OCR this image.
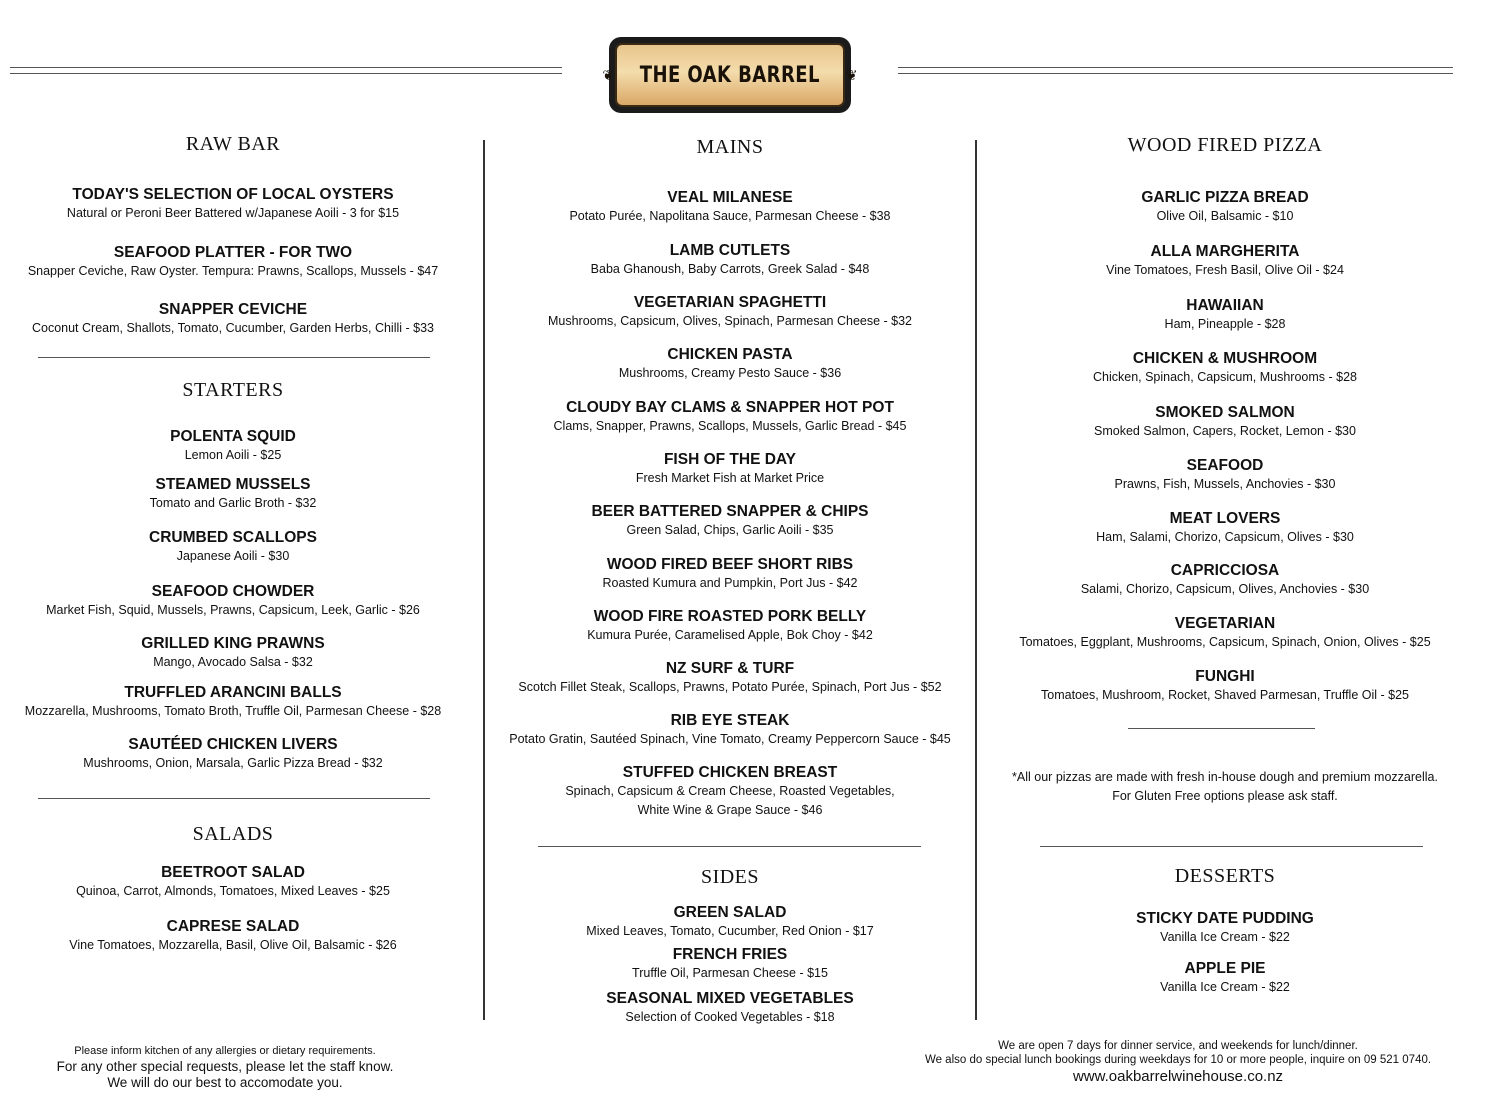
❦ THE OAK BARREL ❦
RAW BAR
TODAY'S SELECTION OF LOCAL OYSTERS
Natural or Peroni Beer Battered w/Japanese Aoili - 3 for $15
SEAFOOD PLATTER - FOR TWO
Snapper Ceviche, Raw Oyster. Tempura: Prawns, Scallops, Mussels - $47
SNAPPER CEVICHE
Coconut Cream, Shallots, Tomato, Cucumber, Garden Herbs, Chilli - $33
STARTERS
POLENTA SQUID
Lemon Aoili - $25
STEAMED MUSSELS
Tomato and Garlic Broth - $32
CRUMBED SCALLOPS
Japanese Aoili - $30
SEAFOOD CHOWDER
Market Fish, Squid, Mussels, Prawns, Capsicum, Leek, Garlic - $26
GRILLED KING PRAWNS
Mango, Avocado Salsa - $32
TRUFFLED ARANCINI BALLS
Mozzarella, Mushrooms, Tomato Broth, Truffle Oil, Parmesan Cheese - $28
SAUTÉED CHICKEN LIVERS
Mushrooms, Onion, Marsala, Garlic Pizza Bread - $32
SALADS
BEETROOT SALAD
Quinoa, Carrot, Almonds, Tomatoes, Mixed Leaves - $25
CAPRESE SALAD
Vine Tomatoes, Mozzarella, Basil, Olive Oil, Balsamic - $26
MAINS
VEAL MILANESE
Potato Purée, Napolitana Sauce, Parmesan Cheese - $38
LAMB CUTLETS
Baba Ghanoush, Baby Carrots, Greek Salad - $48
VEGETARIAN SPAGHETTI
Mushrooms, Capsicum, Olives, Spinach, Parmesan Cheese - $32
CHICKEN PASTA
Mushrooms, Creamy Pesto Sauce - $36
CLOUDY BAY CLAMS & SNAPPER HOT POT
Clams, Snapper, Prawns, Scallops, Mussels, Garlic Bread - $45
FISH OF THE DAY
Fresh Market Fish at Market Price
BEER BATTERED SNAPPER & CHIPS
Green Salad, Chips, Garlic Aoili - $35
WOOD FIRED BEEF SHORT RIBS
Roasted Kumura and Pumpkin, Port Jus - $42
WOOD FIRE ROASTED PORK BELLY
Kumura Purée, Caramelised Apple, Bok Choy - $42
NZ SURF & TURF
Scotch Fillet Steak, Scallops, Prawns, Potato Purée, Spinach, Port Jus - $52
RIB EYE STEAK
Potato Gratin, Sautéed Spinach, Vine Tomato, Creamy Peppercorn Sauce - $45
STUFFED CHICKEN BREAST
Spinach, Capsicum & Cream Cheese, Roasted Vegetables,
White Wine & Grape Sauce - $46
SIDES
GREEN SALAD
Mixed Leaves, Tomato, Cucumber, Red Onion - $17
FRENCH FRIES
Truffle Oil, Parmesan Cheese - $15
SEASONAL MIXED VEGETABLES
Selection of Cooked Vegetables - $18
WOOD FIRED PIZZA
GARLIC PIZZA BREAD
Olive Oil, Balsamic - $10
ALLA MARGHERITA
Vine Tomatoes, Fresh Basil, Olive Oil - $24
HAWAIIAN
Ham, Pineapple - $28
CHICKEN & MUSHROOM
Chicken, Spinach, Capsicum, Mushrooms - $28
SMOKED SALMON
Smoked Salmon, Capers, Rocket, Lemon - $30
SEAFOOD
Prawns, Fish, Mussels, Anchovies - $30
MEAT LOVERS
Ham, Salami, Chorizo, Capsicum, Olives - $30
CAPRICCIOSA
Salami, Chorizo, Capsicum, Olives, Anchovies - $30
VEGETARIAN
Tomatoes, Eggplant, Mushrooms, Capsicum, Spinach, Onion, Olives - $25
FUNGHI
Tomatoes, Mushroom, Rocket, Shaved Parmesan, Truffle Oil - $25
*All our pizzas are made with fresh in-house dough and premium mozzarella.
For Gluten Free options please ask staff.
DESSERTS
STICKY DATE PUDDING
Vanilla Ice Cream - $22
APPLE PIE
Vanilla Ice Cream - $22
Please inform kitchen of any allergies or dietary requirements.
For any other special requests, please let the staff know.
We will do our best to accomodate you.
We are open 7 days for dinner service, and weekends for lunch/dinner.
We also do special lunch bookings during weekdays for 10 or more people, inquire on 09 521 0740.
www.oakbarrelwinehouse.co.nz
